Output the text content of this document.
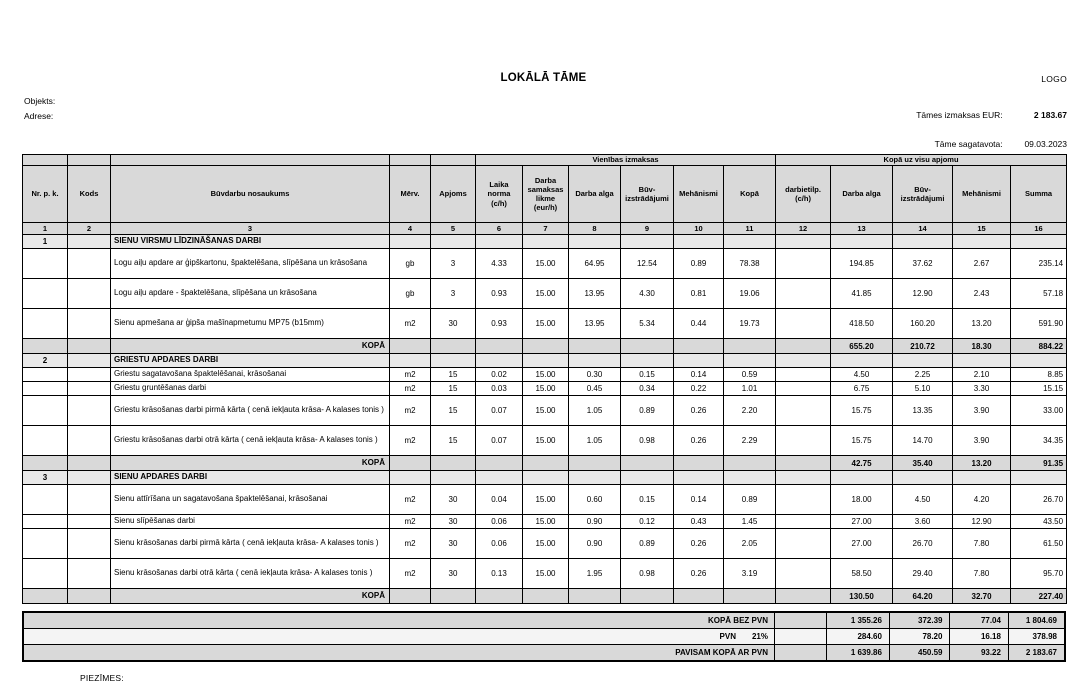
LOKĀLĀ TĀME	LOGO
Objekts:
Adrese:	Tāmes izmaksas EUR:	2 183.67
Tāme sagatavota:	09.03.2023
					Vienības izmaksas						Kopā uz visu apjomu				
Nr. p. k.	Kods	Būvdarbu nosaukums	Mērv.	Apjoms	Laika
norma
(c/h)	Darba
samaksas
likme
(eur/h)	Darba alga	Būv-
izstrādājumi	Mehānismi	Kopā	darbietilp.
(c/h)	Darba alga	Būv-
izstrādājumi	Mehānismi	Summa
1	2	3	4	5	6	7	8	9	10	11	12	13	14	15	16
1		SIENU VIRSMU LĪDZINĀŠANAS DARBI													
		Logu aiļu apdare ar ģipškartonu, špaktelēšana, slīpēšana un krāsošana	gb	3	4.33	15.00	64.95	12.54	0.89	78.38		194.85	37.62	2.67	235.14
		Logu aiļu apdare - špaktelēšana, slīpēšana un krāsošana	gb	3	0.93	15.00	13.95	4.30	0.81	19.06		41.85	12.90	2.43	57.18
		Sienu apmešana ar ģipša mašīnapmetumu MP75 (b15mm)	m2	30	0.93	15.00	13.95	5.34	0.44	19.73		418.50	160.20	13.20	591.90
		KOPĀ										655.20	210.72	18.30	884.22
2		GRIESTU APDARES DARBI													
		Griestu sagatavošana špaktelēšanai, krāsošanai	m2	15	0.02	15.00	0.30	0.15	0.14	0.59		4.50	2.25	2.10	8.85
		Griestu gruntēšanas darbi	m2	15	0.03	15.00	0.45	0.34	0.22	1.01		6.75	5.10	3.30	15.15
		Griestu krāsošanas darbi pirmā kārta ( cenā iekļauta krāsa- A kalases tonis )	m2	15	0.07	15.00	1.05	0.89	0.26	2.20		15.75	13.35	3.90	33.00
		Griestu krāsošanas darbi otrā kārta ( cenā iekļauta krāsa- A kalases tonis )	m2	15	0.07	15.00	1.05	0.98	0.26	2.29		15.75	14.70	3.90	34.35
		KOPĀ										42.75	35.40	13.20	91.35
3		SIENU APDARES DARBI													
		Sienu attīrīšana un sagatavošana špaktelēšanai, krāsošanai	m2	30	0.04	15.00	0.60	0.15	0.14	0.89		18.00	4.50	4.20	26.70
		Sienu slīpēšanas darbi	m2	30	0.06	15.00	0.90	0.12	0.43	1.45		27.00	3.60	12.90	43.50
		Sienu krāsošanas darbi pirmā kārta ( cenā iekļauta krāsa- A kalases tonis )	m2	30	0.06	15.00	0.90	0.89	0.26	2.05		27.00	26.70	7.80	61.50
		Sienu krāsošanas darbi otrā kārta ( cenā iekļauta krāsa- A kalases tonis )	m2	30	0.13	15.00	1.95	0.98	0.26	3.19		58.50	29.40	7.80	95.70
		KOPĀ										130.50	64.20	32.70	227.40
KOPĀ BEZ PVN		1 355.26	372.39	77.04	1 804.69
PVN 21%		284.60	78.20	16.18	378.98
PAVISAM KOPĀ AR PVN		1 639.86	450.59	93.22	2 183.67
PIEZĪMES:
